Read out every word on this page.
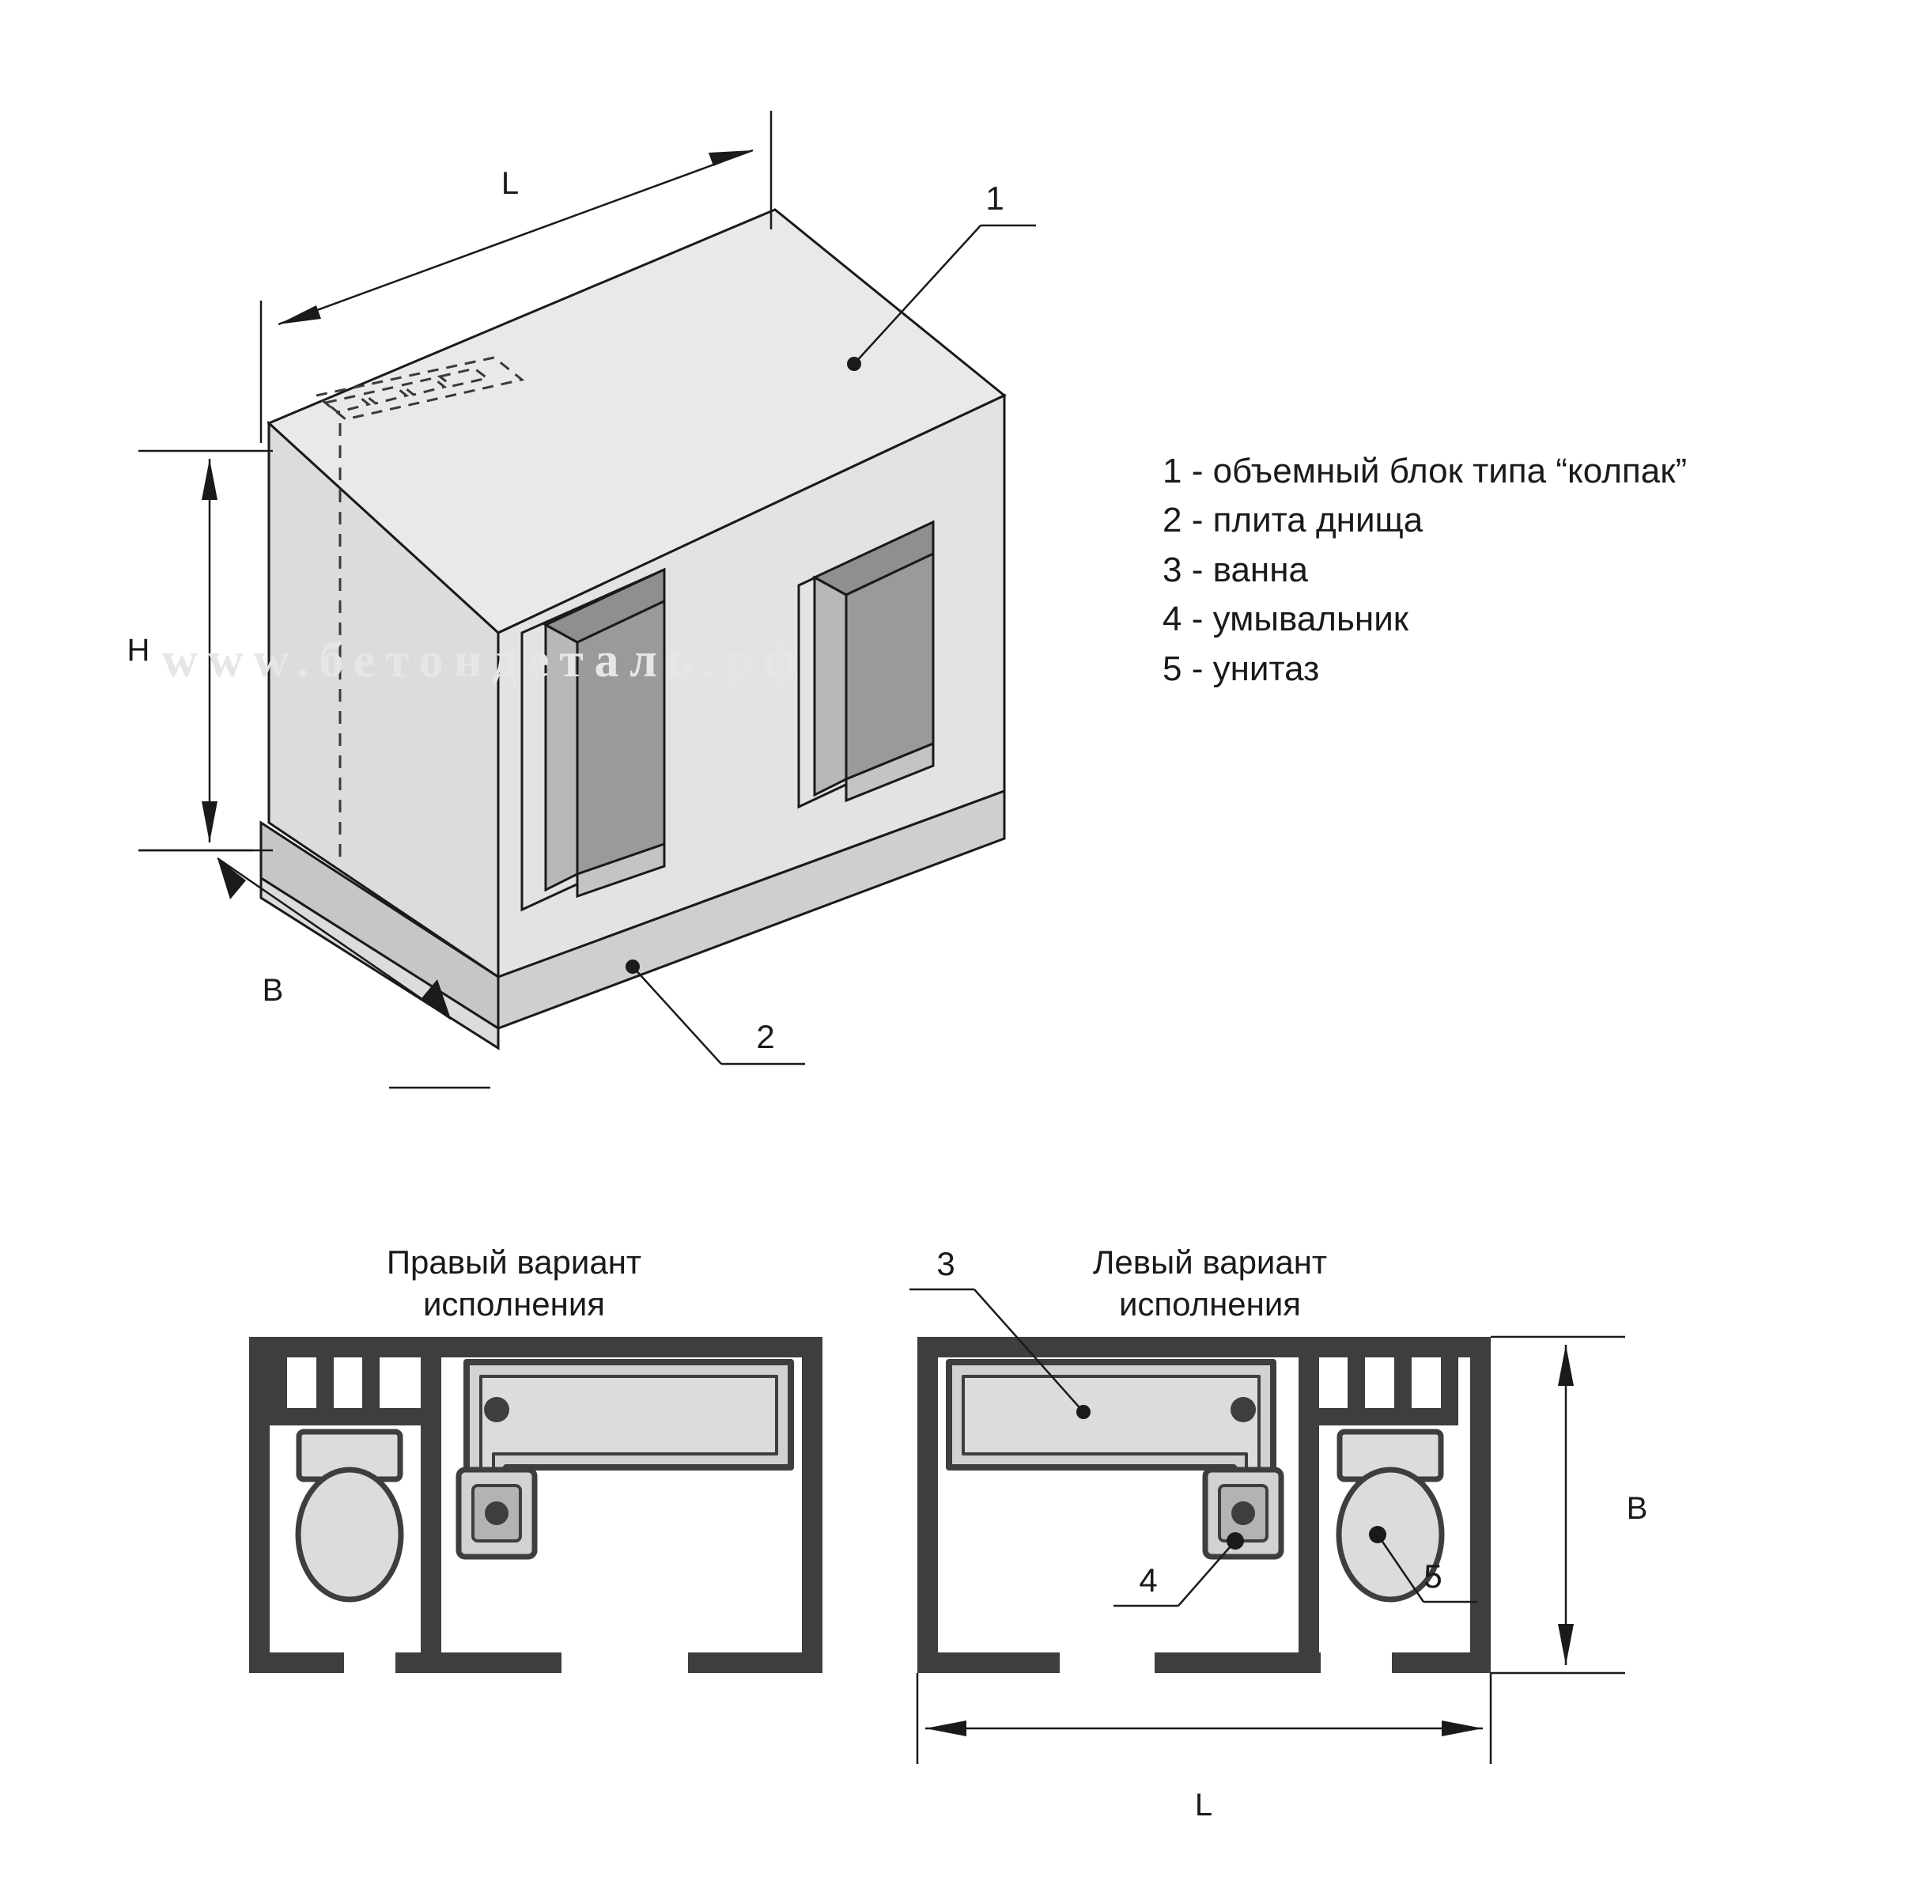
L
H
B
1
2
3
4	5
B
L
www.бетондеталь.рф
1 - объемный блок типа “колпак”
2 - плита днища
3 - ванна
4 - умывальник
5 - унитаз
Правый вариант
исполнения
Левый вариант
исполнения
